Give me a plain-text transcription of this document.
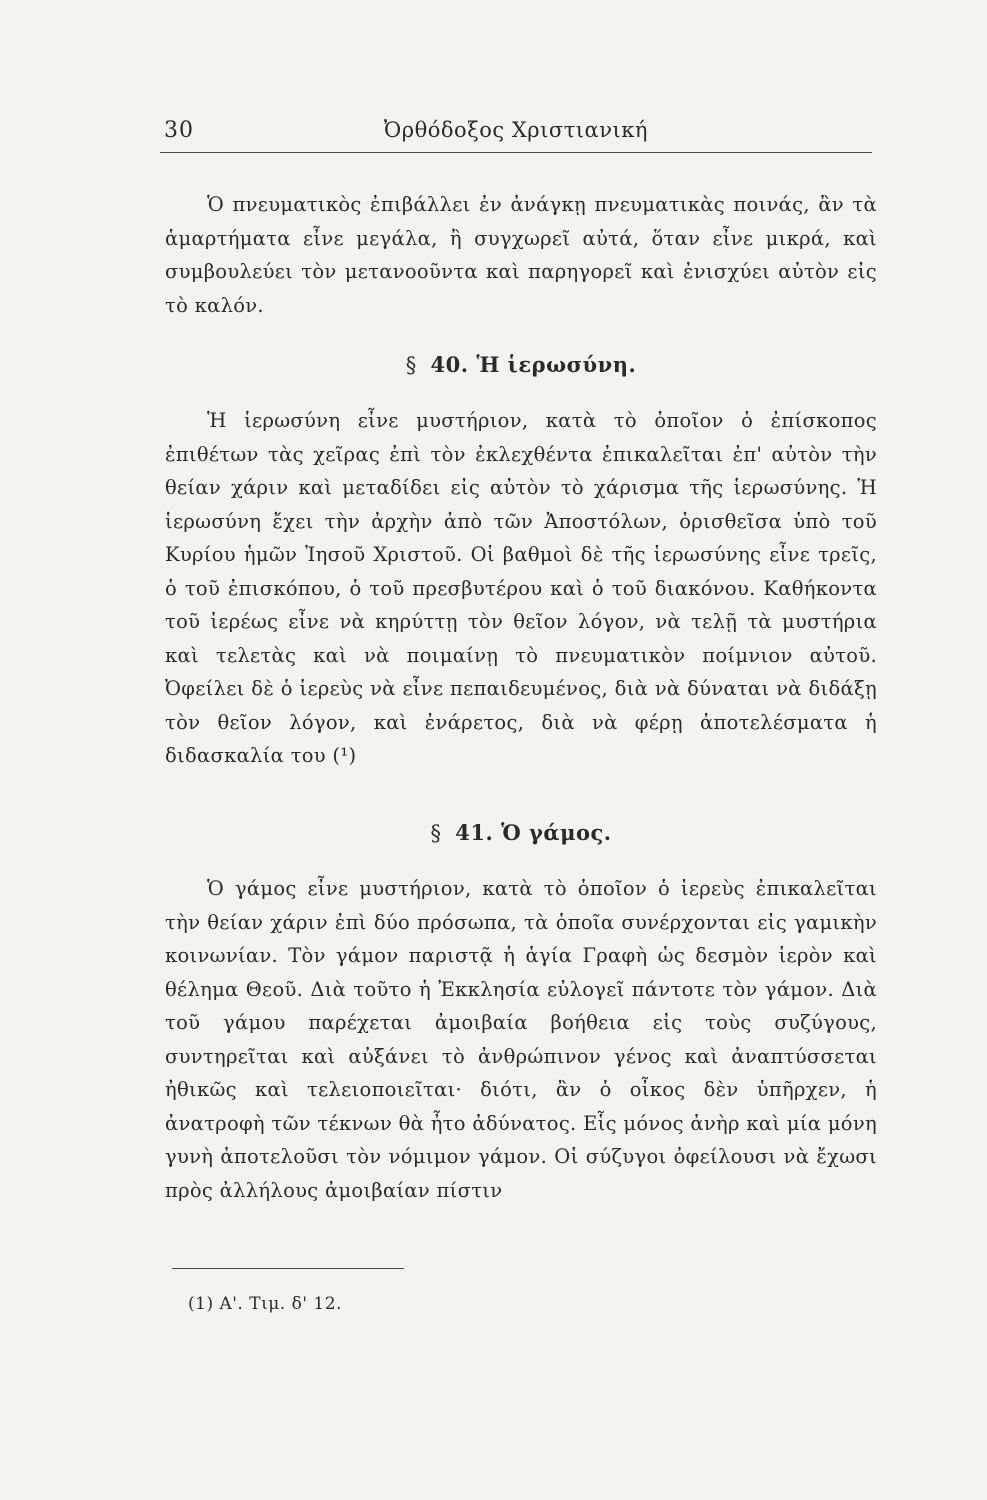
30	Ὀρθόδοξος Χριστιανική

Ὁ πνευματικὸς ἐπιβάλλει ἐν ἀνάγκῃ πνευματικὰς ποινάς, ἂν τὰ ἁμαρτήματα εἶνε μεγάλα, ἢ συγχωρεῖ αὐτά, ὅταν εἶνε μικρά, καὶ συμβουλεύει τὸν μετανοοῦντα καὶ παρηγορεῖ καὶ ἐνισχύει αὐτὸν εἰς τὸ καλόν.

§ 40. Ἡ ἱερωσύνη.

Ἡ ἱερωσύνη εἶνε μυστήριον, κατὰ τὸ ὁποῖον ὁ ἐπίσκοπος ἐπιθέτων τὰς χεῖρας ἐπὶ τὸν ἐκλεχθέντα ἐπικαλεῖται ἐπ' αὐτὸν τὴν θείαν χάριν καὶ μεταδίδει εἰς αὐτὸν τὸ χάρισμα τῆς ἱερωσύνης. Ἡ ἱερωσύνη ἔχει τὴν ἀρχὴν ἀπὸ τῶν Ἀποστόλων, ὁρισθεῖσα ὑπὸ τοῦ Κυρίου ἡμῶν Ἰησοῦ Χριστοῦ. Οἱ βαθμοὶ δὲ τῆς ἱερωσύνης εἶνε τρεῖς, ὁ τοῦ ἐπισκόπου, ὁ τοῦ πρεσβυτέρου καὶ ὁ τοῦ διακόνου. Καθήκοντα τοῦ ἱερέως εἶνε νὰ κηρύττῃ τὸν θεῖον λόγον, νὰ τελῇ τὰ μυστήρια καὶ τελετὰς καὶ νὰ ποιμαίνῃ τὸ πνευματικὸν ποίμνιον αὐτοῦ. Ὀφείλει δὲ ὁ ἱερεὺς νὰ εἶνε πεπαιδευμένος, διὰ νὰ δύναται νὰ διδάξῃ τὸν θεῖον λόγον, καὶ ἐνάρετος, διὰ νὰ φέρῃ ἀποτελέσματα ἡ διδασκαλία του (¹)

§ 41. Ὁ γάμος.

Ὁ γάμος εἶνε μυστήριον, κατὰ τὸ ὁποῖον ὁ ἱερεὺς ἐπικαλεῖται τὴν θείαν χάριν ἐπὶ δύο πρόσωπα, τὰ ὁποῖα συνέρχονται εἰς γαμικὴν κοινωνίαν. Τὸν γάμον παριστᾷ ἡ ἁγία Γραφὴ ὡς δεσμὸν ἱερὸν καὶ θέλημα Θεοῦ. Διὰ τοῦτο ἡ Ἐκκλησία εὐλογεῖ πάντοτε τὸν γάμον. Διὰ τοῦ γάμου παρέχεται ἀμοιβαία βοήθεια εἰς τοὺς συζύγους, συντηρεῖται καὶ αὐξάνει τὸ ἀνθρώπινον γένος καὶ ἀναπτύσσεται ἠθικῶς καὶ τελειοποιεῖται· διότι, ἂν ὁ οἶκος δὲν ὑπῆρχεν, ἡ ἀνατροφὴ τῶν τέκνων θὰ ἦτο ἀδύνατος. Εἷς μόνος ἀνὴρ καὶ μία μόνη γυνὴ ἀποτελοῦσι τὸν νόμιμον γάμον. Οἱ σύζυγοι ὀφείλουσι νὰ ἔχωσι πρὸς ἀλλήλους ἀμοιβαίαν πίστιν

(1) Α'. Τιμ. δ' 12.
